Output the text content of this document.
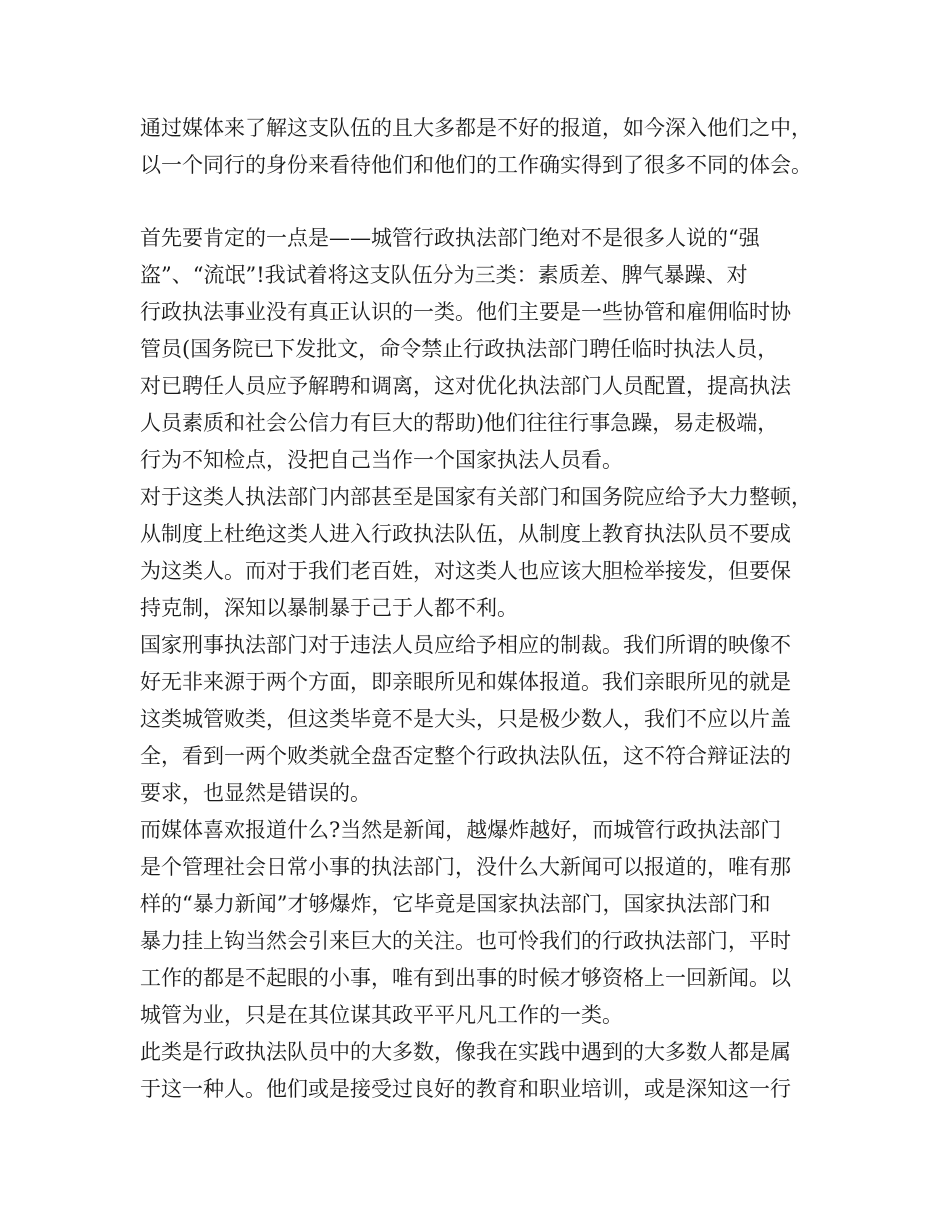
通过媒体来了解这支队伍的且大多都是不好的报道，如今深入他们之中，
以一个同行的身份来看待他们和他们的工作确实得到了很多不同的体会。
首先要肯定的一点是——城管行政执法部门绝对不是很多人说的“强
盗”、“流氓”!我试着将这支队伍分为三类：素质差、脾气暴躁、对
行政执法事业没有真正认识的一类。他们主要是一些协管和雇佣临时协
管员(国务院已下发批文，命令禁止行政执法部门聘任临时执法人员，
对已聘任人员应予解聘和调离，这对优化执法部门人员配置，提高执法
人员素质和社会公信力有巨大的帮助)他们往往行事急躁，易走极端，
行为不知检点，没把自己当作一个国家执法人员看。
对于这类人执法部门内部甚至是国家有关部门和国务院应给予大力整顿，
从制度上杜绝这类人进入行政执法队伍，从制度上教育执法队员不要成
为这类人。而对于我们老百姓，对这类人也应该大胆检举接发，但要保
持克制，深知以暴制暴于己于人都不利。
国家刑事执法部门对于违法人员应给予相应的制裁。我们所谓的映像不
好无非来源于两个方面，即亲眼所见和媒体报道。我们亲眼所见的就是
这类城管败类，但这类毕竟不是大头，只是极少数人，我们不应以片盖
全，看到一两个败类就全盘否定整个行政执法队伍，这不符合辩证法的
要求，也显然是错误的。
而媒体喜欢报道什么?当然是新闻，越爆炸越好，而城管行政执法部门
是个管理社会日常小事的执法部门，没什么大新闻可以报道的，唯有那
样的“暴力新闻”才够爆炸，它毕竟是国家执法部门，国家执法部门和
暴力挂上钩当然会引来巨大的关注。也可怜我们的行政执法部门，平时
工作的都是不起眼的小事，唯有到出事的时候才够资格上一回新闻。以
城管为业，只是在其位谋其政平平凡凡工作的一类。
此类是行政执法队员中的大多数，像我在实践中遇到的大多数人都是属
于这一种人。他们或是接受过良好的教育和职业培训，或是深知这一行
